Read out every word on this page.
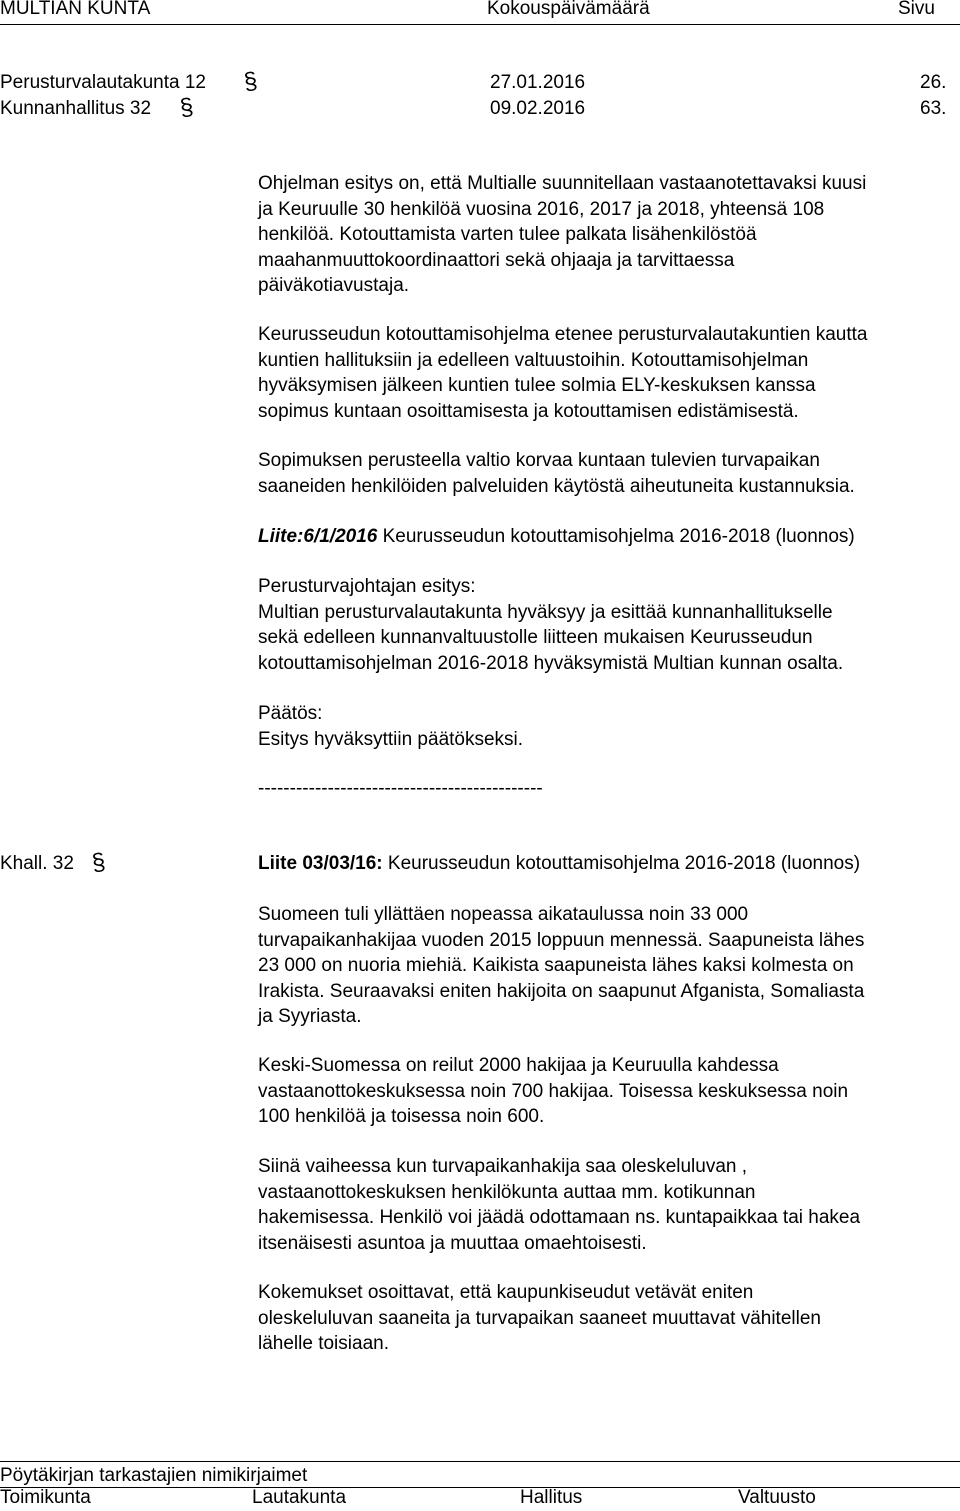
MULTIAN KUNTA	Kokouspäivämäärä	Sivu
Perusturvalautakunta 12 §	27.01.2016	26.
Kunnanhallitus 32 §	09.02.2016	63.
Ohjelman esitys on, että Multialle suunnitellaan vastaanotettavaksi kuusi
ja Keuruulle 30 henkilöä vuosina 2016, 2017 ja 2018, yhteensä 108
henkilöä. Kotouttamista varten tulee palkata lisähenkilöstöä
maahanmuuttokoordinaattori sekä ohjaaja ja tarvittaessa
päiväkotiavustaja.
Keurusseudun kotouttamisohjelma etenee perusturvalautakuntien kautta
kuntien hallituksiin ja edelleen valtuustoihin. Kotouttamisohjelman
hyväksymisen jälkeen kuntien tulee solmia ELY-keskuksen kanssa
sopimus kuntaan osoittamisesta ja kotouttamisen edistämisestä.
Sopimuksen perusteella valtio korvaa kuntaan tulevien turvapaikan
saaneiden henkilöiden palveluiden käytöstä aiheutuneita kustannuksia.
Liite:6/1/2016 Keurusseudun kotouttamisohjelma 2016-2018 (luonnos)
Perusturvajohtajan esitys:
Multian perusturvalautakunta hyväksyy ja esittää kunnanhallitukselle
sekä edelleen kunnanvaltuustolle liitteen mukaisen Keurusseudun
kotouttamisohjelman 2016-2018 hyväksymistä Multian kunnan osalta.
Päätös:
Esitys hyväksyttiin päätökseksi.
---------------------------------------------
Khall. 32 §	Liite 03/03/16: Keurusseudun kotouttamisohjelma 2016-2018 (luonnos)
Suomeen tuli yllättäen nopeassa aikataulussa noin 33 000
turvapaikanhakijaa vuoden 2015 loppuun mennessä. Saapuneista lähes
23 000 on nuoria miehiä. Kaikista saapuneista lähes kaksi kolmesta on
Irakista. Seuraavaksi eniten hakijoita on saapunut Afganista, Somaliasta
ja Syyriasta.
Keski-Suomessa on reilut 2000 hakijaa ja Keuruulla kahdessa
vastaanottokeskuksessa noin 700 hakijaa. Toisessa keskuksessa noin
100 henkilöä ja toisessa noin 600.
Siinä vaiheessa kun turvapaikanhakija saa oleskeluluvan ,
vastaanottokeskuksen henkilökunta auttaa mm. kotikunnan
hakemisessa. Henkilö voi jäädä odottamaan ns. kuntapaikkaa tai hakea
itsenäisesti asuntoa ja muuttaa omaehtoisesti.
Kokemukset osoittavat, että kaupunkiseudut vetävät eniten
oleskeluluvan saaneita ja turvapaikan saaneet muuttavat vähitellen
lähelle toisiaan.
Pöytäkirjan tarkastajien nimikirjaimet
Toimikunta	Lautakunta	Hallitus	Valtuusto
